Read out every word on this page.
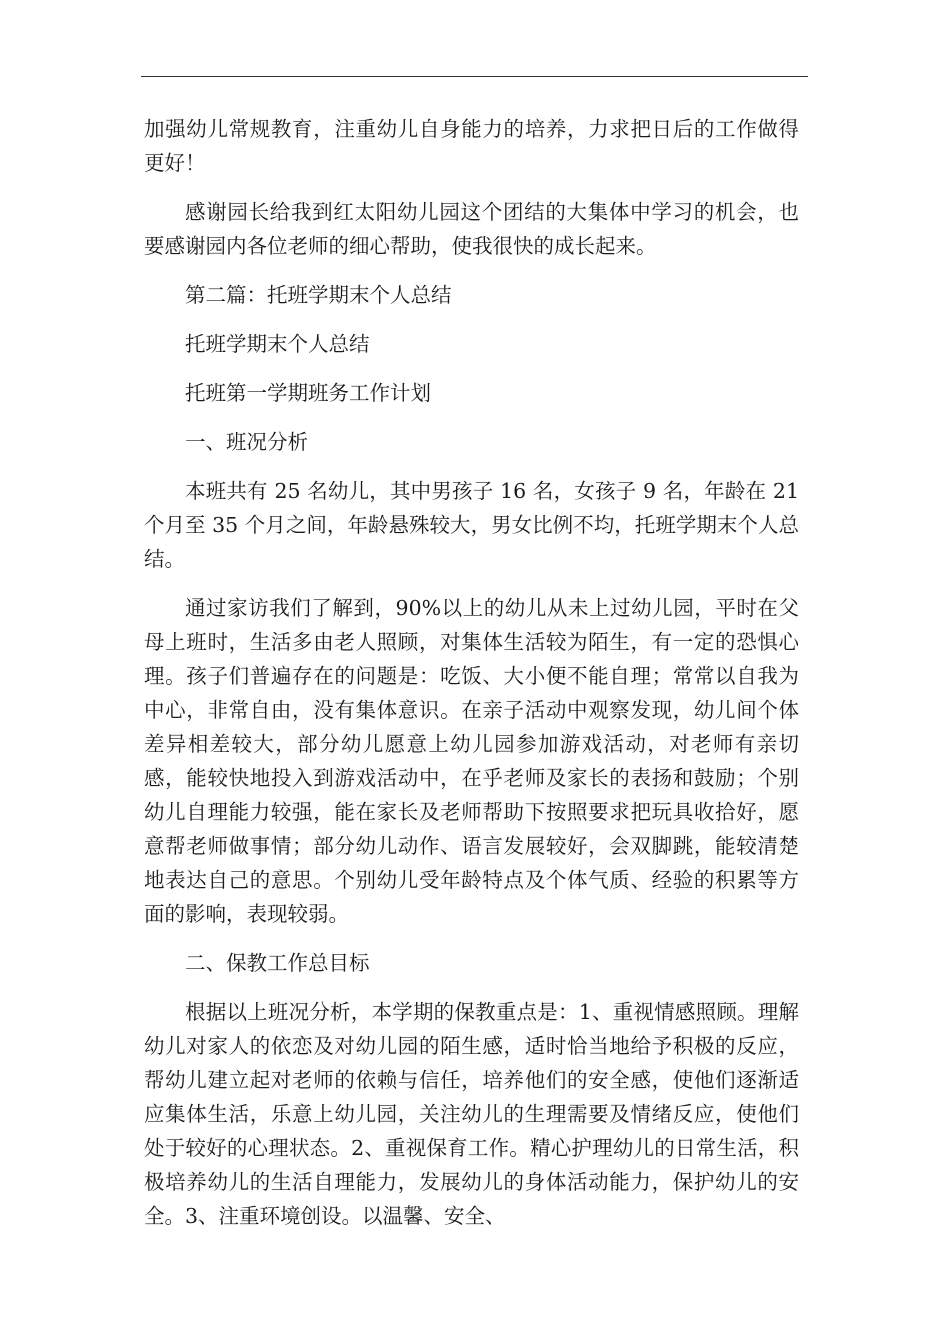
加强幼儿常规教育，注重幼儿自身能力的培养，力求把日后的工作做得更好！

感谢园长给我到红太阳幼儿园这个团结的大集体中学习的机会，也要感谢园内各位老师的细心帮助，使我很快的成长起来。

第二篇：托班学期末个人总结

托班学期末个人总结

托班第一学期班务工作计划

一、班况分析

本班共有 25 名幼儿，其中男孩子 16 名，女孩子 9 名，年龄在 21 个月至 35 个月之间，年龄悬殊较大，男女比例不均，托班学期末个人总结。

通过家访我们了解到，90%以上的幼儿从未上过幼儿园，平时在父母上班时，生活多由老人照顾，对集体生活较为陌生，有一定的恐惧心理。孩子们普遍存在的问题是：吃饭、大小便不能自理；常常以自我为中心，非常自由，没有集体意识。在亲子活动中观察发现，幼儿间个体差异相差较大，部分幼儿愿意上幼儿园参加游戏活动，对老师有亲切感，能较快地投入到游戏活动中，在乎老师及家长的表扬和鼓励；个别幼儿自理能力较强，能在家长及老师帮助下按照要求把玩具收拾好，愿意帮老师做事情；部分幼儿动作、语言发展较好，会双脚跳，能较清楚地表达自己的意思。个别幼儿受年龄特点及个体气质、经验的积累等方面的影响，表现较弱。

二、保教工作总目标

根据以上班况分析，本学期的保教重点是：1、重视情感照顾。理解幼儿对家人的依恋及对幼儿园的陌生感，适时恰当地给予积极的反应，帮幼儿建立起对老师的依赖与信任，培养他们的安全感，使他们逐渐适应集体生活，乐意上幼儿园，关注幼儿的生理需要及情绪反应，使他们处于较好的心理状态。2、重视保育工作。精心护理幼儿的日常生活，积极培养幼儿的生活自理能力，发展幼儿的身体活动能力，保护幼儿的安全。3、注重环境创设。以温馨、安全、
